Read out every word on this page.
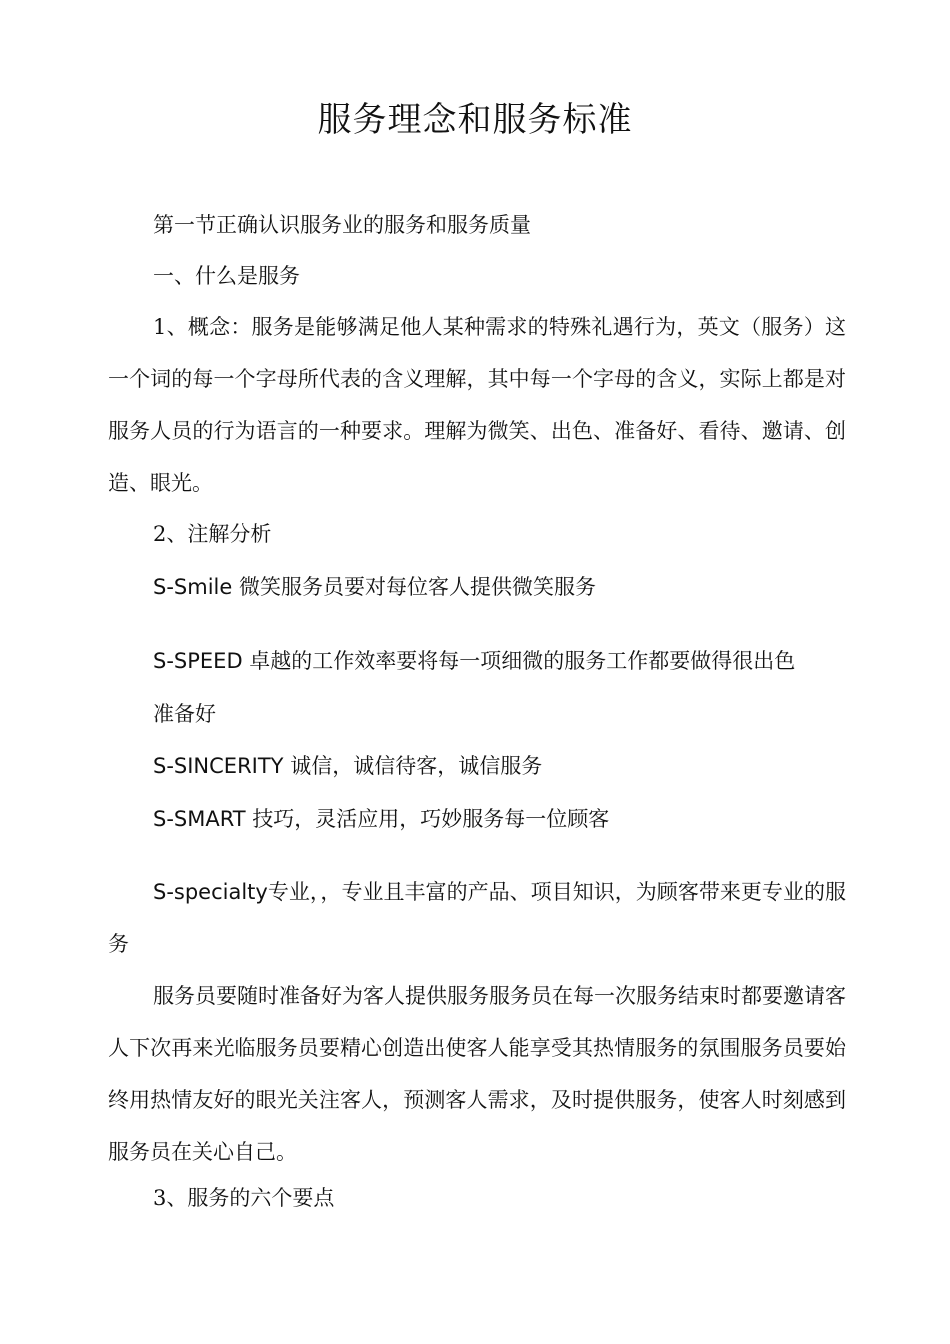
服务理念和服务标准

第一节正确认识服务业的服务和服务质量

一、什么是服务

1、概念：服务是能够满足他人某种需求的特殊礼遇行为，英文（服务）这一个词的每一个字母所代表的含义理解，其中每一个字母的含义，实际上都是对服务人员的行为语言的一种要求。理解为微笑、出色、准备好、看待、邀请、创造、眼光。

2、注解分析

S-Smile 微笑服务员要对每位客人提供微笑服务

S-SPEED 卓越的工作效率要将每一项细微的服务工作都要做得很出色

准备好

S-SINCERITY 诚信，诚信待客，诚信服务

S-SMART 技巧，灵活应用，巧妙服务每一位顾客

S-specialty专业，，专业且丰富的产品、项目知识，为顾客带来更专业的服务

服务员要随时准备好为客人提供服务服务员在每一次服务结束时都要邀请客人下次再来光临服务员要精心创造出使客人能享受其热情服务的氛围服务员要始终用热情友好的眼光关注客人，预测客人需求，及时提供服务，使客人时刻感到服务员在关心自己。

3、服务的六个要点
